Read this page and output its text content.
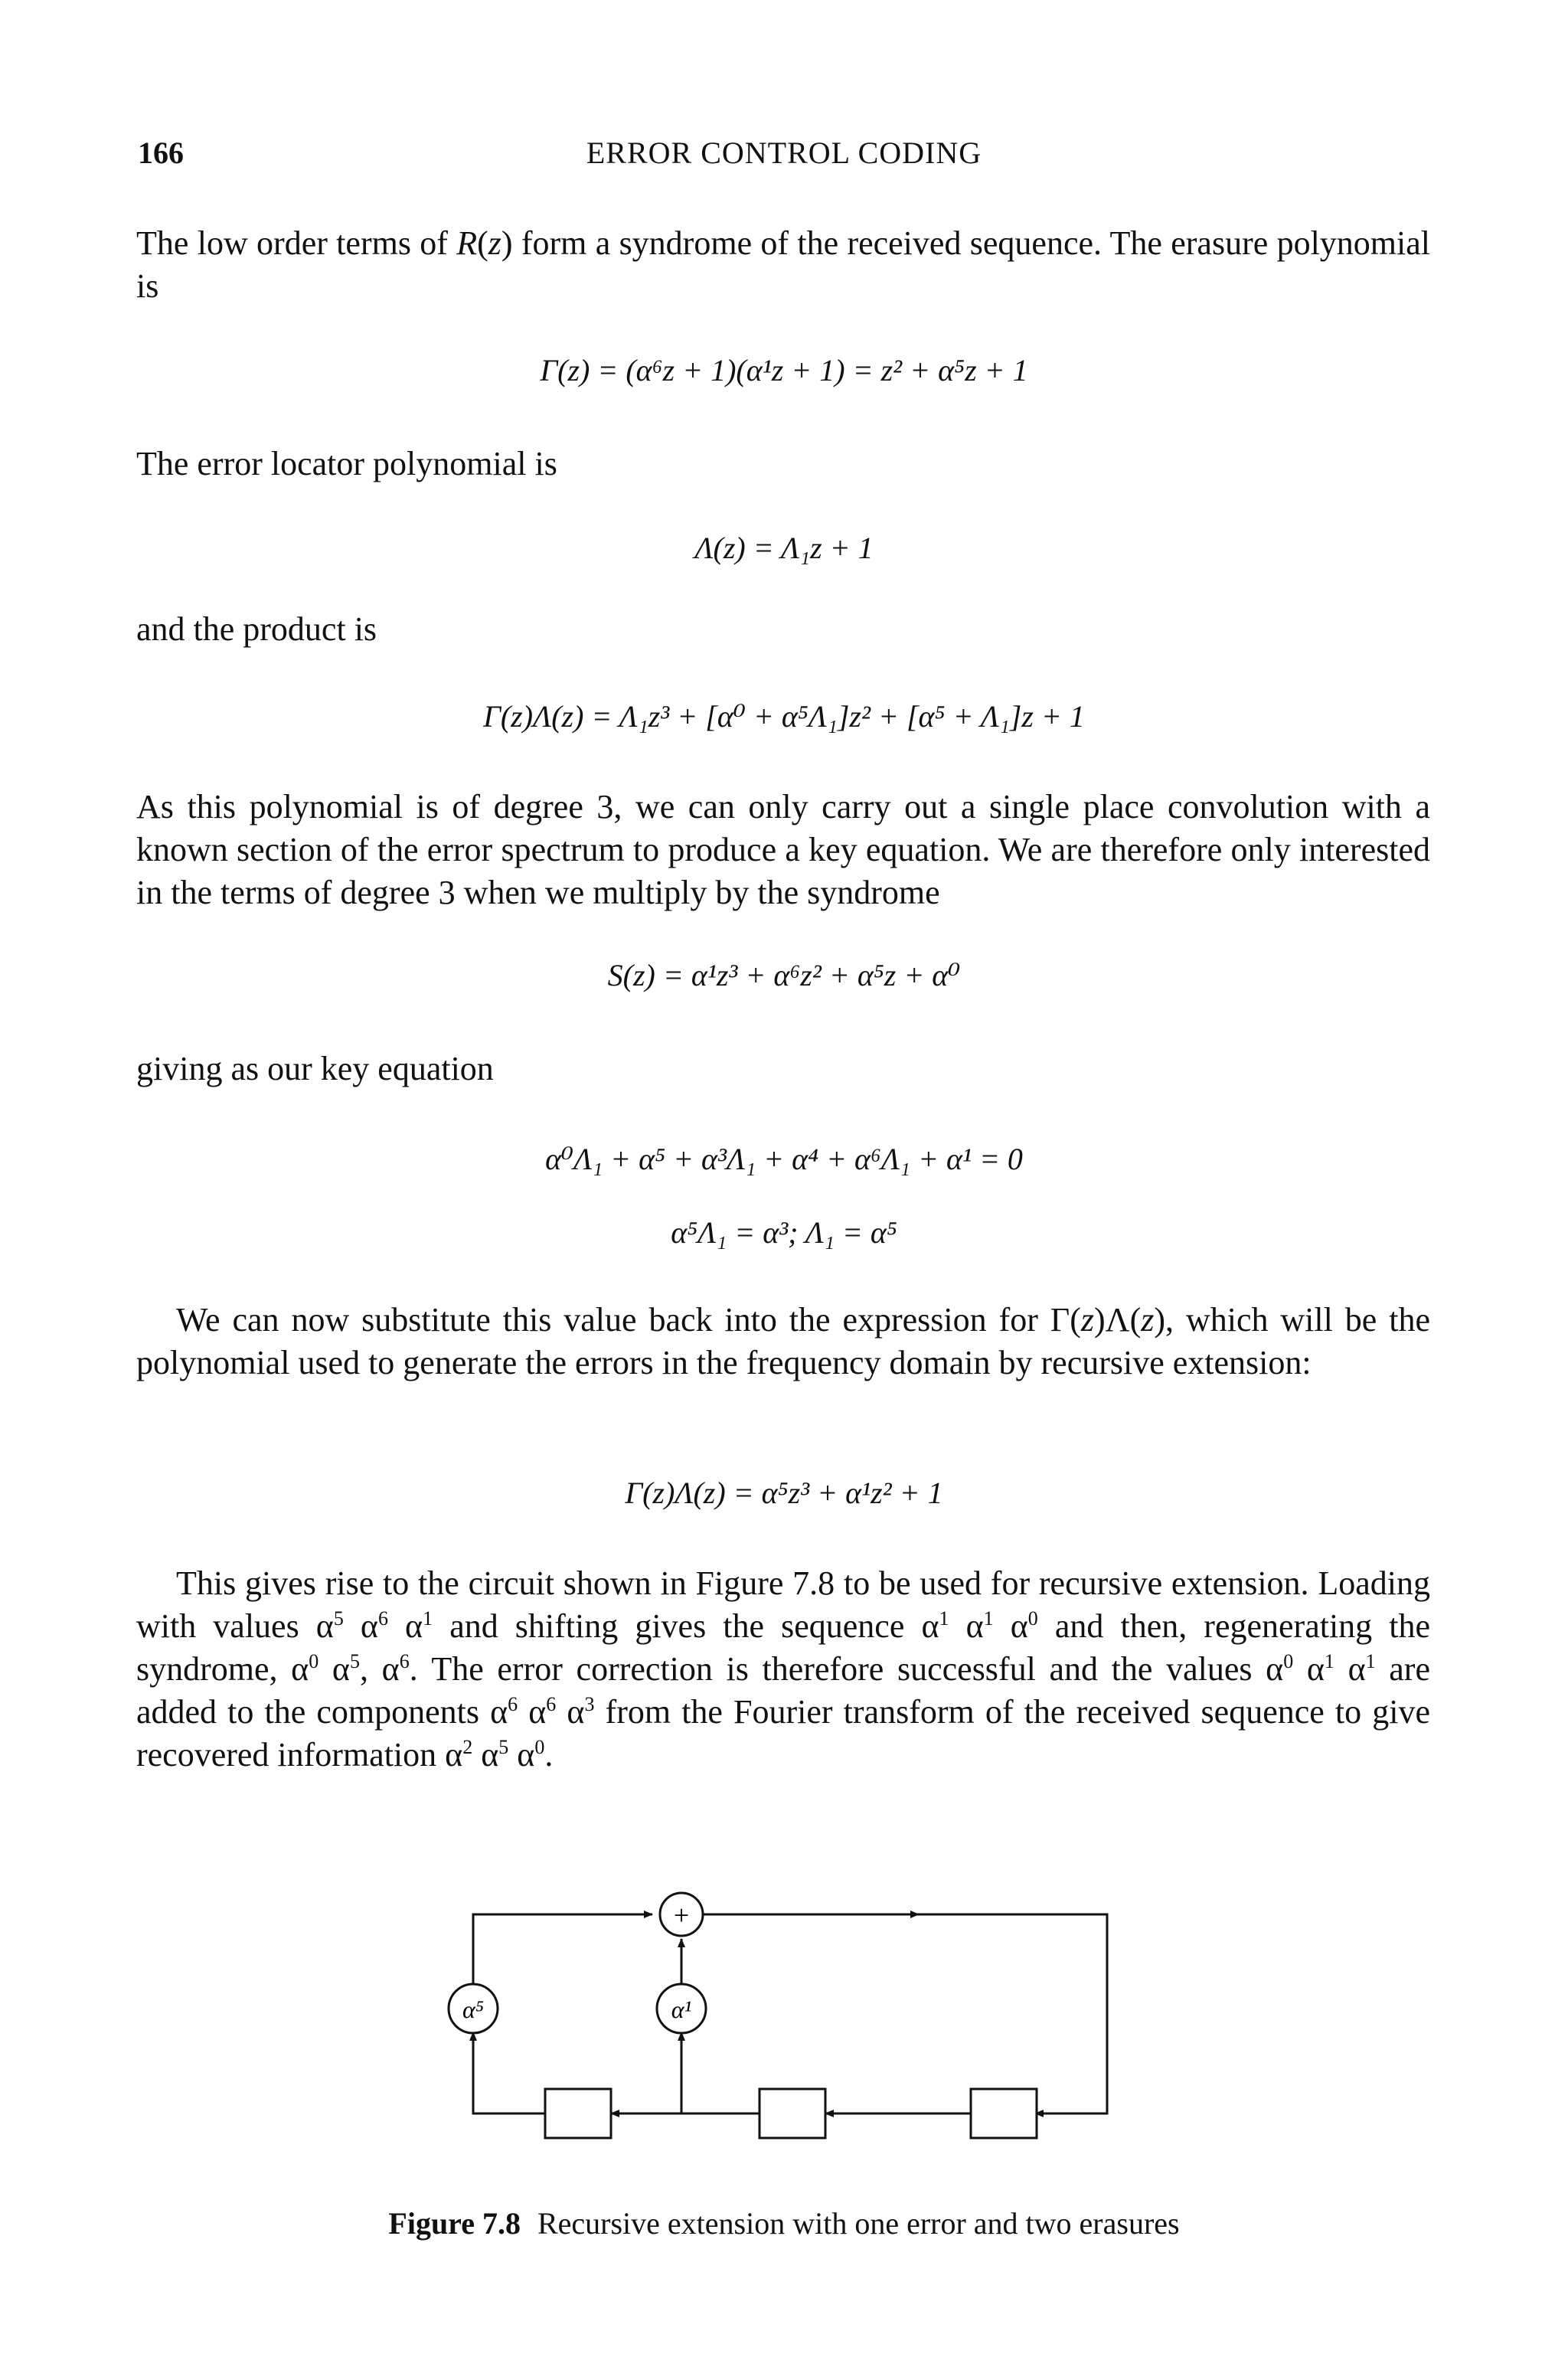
166	ERROR CONTROL CODING
The low order terms of R(z) form a syndrome of the received sequence. The erasure polynomial is
Γ(z) = (α⁶z + 1)(α¹z + 1) = z² + α⁵z + 1
The error locator polynomial is
Λ(z) = Λ₁z + 1
and the product is
Γ(z)Λ(z) = Λ₁z³ + [α⁰ + α⁵Λ₁]z² + [α⁵ + Λ₁]z + 1
As this polynomial is of degree 3, we can only carry out a single place convolution with a known section of the error spectrum to produce a key equation. We are therefore only interested in the terms of degree 3 when we multiply by the syndrome
S(z) = α¹z³ + α⁶z² + α⁵z + α⁰
giving as our key equation
α⁰Λ₁ + α⁵ + α³Λ₁ + α⁴ + α⁶Λ₁ + α¹ = 0
α⁵Λ₁ = α³; Λ₁ = α⁵
We can now substitute this value back into the expression for Γ(z)Λ(z), which will be the polynomial used to generate the errors in the frequency domain by recursive extension:
Γ(z)Λ(z) = α⁵z³ + α¹z² + 1
This gives rise to the circuit shown in Figure 7.8 to be used for recursive extension. Loading with values $\alpha^5$ $\alpha^6$ $\alpha^1$ and shifting gives the sequence $\alpha^1$ $\alpha^1$ $\alpha^0$ and then, regenerating the syndrome, $\alpha^0$ $\alpha^5$, $\alpha^6$. The error correction is therefore successful and the values $\alpha^0$ $\alpha^1$ $\alpha^1$ are added to the components $\alpha^6$ $\alpha^6$ $\alpha^3$ from the Fourier transform of the received sequence to give recovered information $\alpha^2$ $\alpha^5$ $\alpha^0$.
+
α⁵	α¹
Figure 7.8 Recursive extension with one error and two erasures
